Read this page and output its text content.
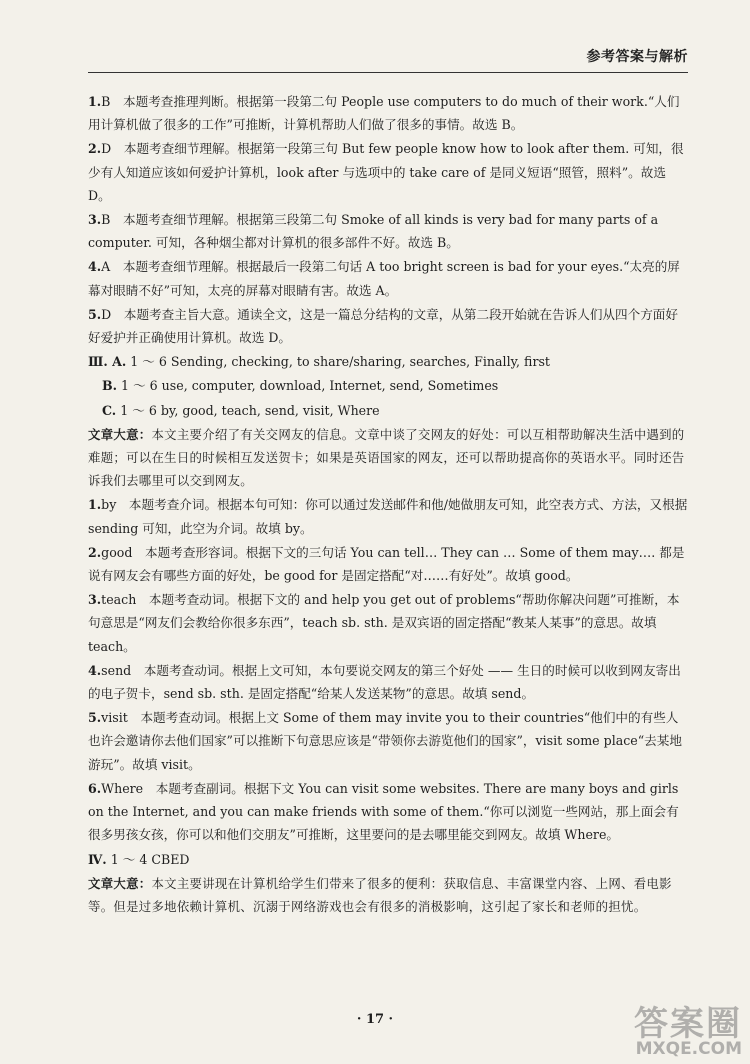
参考答案与解析
1.B　本题考查推理判断。根据第一段第二句 People use computers to do much of their work.“人们用计算机做了很多的工作”可推断，计算机帮助人们做了很多的事情。故选 B。
2.D　本题考查细节理解。根据第一段第三句 But few people know how to look after them. 可知，很少有人知道应该如何爱护计算机，look after 与选项中的 take care of 是同义短语“照管，照料”。故选 D。
3.B　本题考查细节理解。根据第三段第二句 Smoke of all kinds is very bad for many parts of a computer. 可知，各种烟尘都对计算机的很多部件不好。故选 B。
4.A　本题考查细节理解。根据最后一段第二句话 A too bright screen is bad for your eyes.“太亮的屏幕对眼睛不好”可知，太亮的屏幕对眼睛有害。故选 A。
5.D　本题考查主旨大意。通读全文，这是一篇总分结构的文章，从第二段开始就在告诉人们从四个方面好好爱护并正确使用计算机。故选 D。
Ⅲ. A. 1 ～ 6 Sending, checking, to share/sharing, searches, Finally, first
B. 1 ～ 6 use, computer, download, Internet, send, Sometimes
C. 1 ～ 6 by, good, teach, send, visit, Where
文章大意：本文主要介绍了有关交网友的信息。文章中谈了交网友的好处：可以互相帮助解决生活中遇到的难题；可以在生日的时候相互发送贺卡；如果是英语国家的网友，还可以帮助提高你的英语水平。同时还告诉我们去哪里可以交到网友。
1.by　本题考查介词。根据本句可知：你可以通过发送邮件和他/她做朋友可知，此空表方式、方法，又根据 sending 可知，此空为介词。故填 by。
2.good　本题考查形容词。根据下文的三句话 You can tell… They can … Some of them may…. 都是说有网友会有哪些方面的好处，be good for 是固定搭配“对……有好处”。故填 good。
3.teach　本题考查动词。根据下文的 and help you get out of problems“帮助你解决问题”可推断，本句意思是“网友们会教给你很多东西”，teach sb. sth. 是双宾语的固定搭配“教某人某事”的意思。故填 teach。
4.send　本题考查动词。根据上文可知，本句要说交网友的第三个好处 —— 生日的时候可以收到网友寄出的电子贺卡，send sb. sth. 是固定搭配“给某人发送某物”的意思。故填 send。
5.visit　本题考查动词。根据上文 Some of them may invite you to their countries“他们中的有些人也许会邀请你去他们国家”可以推断下句意思应该是“带领你去游览他们的国家”，visit some place“去某地游玩”。故填 visit。
6.Where　本题考查副词。根据下文 You can visit some websites. There are many boys and girls on the Internet, and you can make friends with some of them.“你可以浏览一些网站，那上面会有很多男孩女孩，你可以和他们交朋友”可推断，这里要问的是去哪里能交到网友。故填 Where。
Ⅳ. 1 ～ 4 CBED
文章大意：本文主要讲现在计算机给学生们带来了很多的便利：获取信息、丰富课堂内容、上网、看电影等。但是过多地依赖计算机、沉溺于网络游戏也会有很多的消极影响，这引起了家长和老师的担忧。
· 17 ·	答案圈
MXQE.COM
